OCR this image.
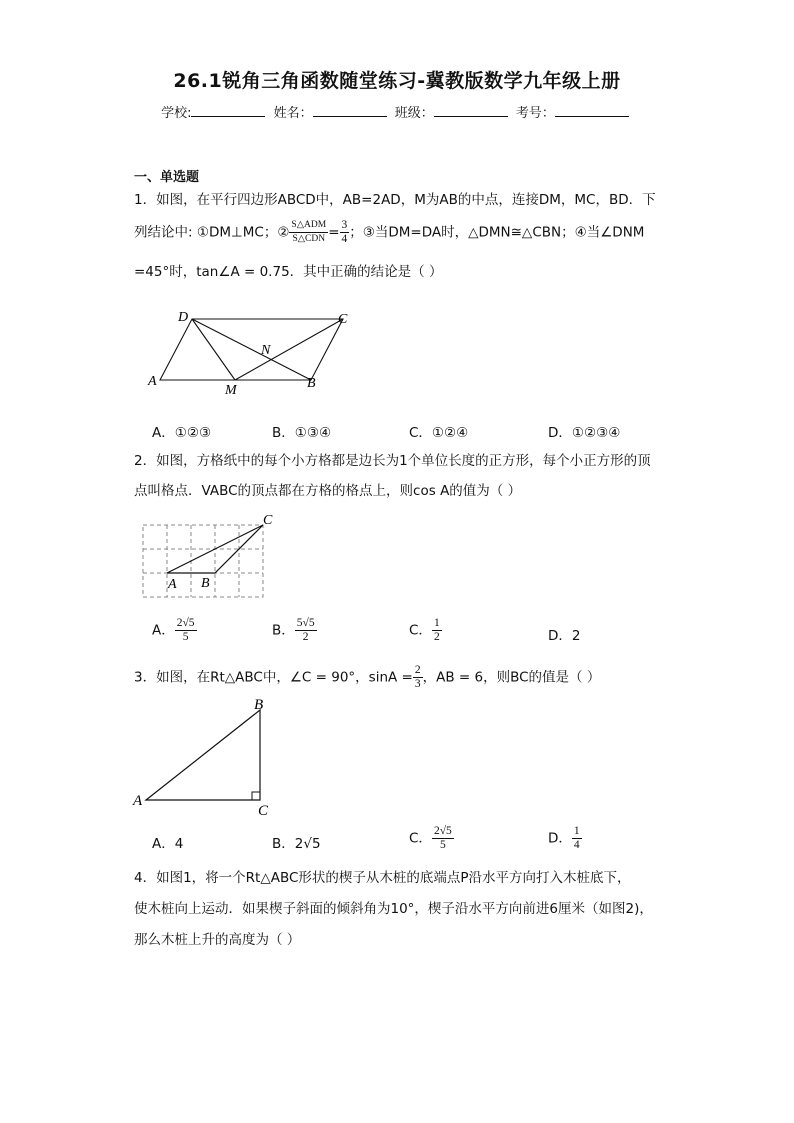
26.1锐角三角函数随堂练习-冀教版数学九年级上册
学校:	姓名：	班级：	考号：
一、单选题
1．如图，在平行四边形ABCD中，AB=2AD，M为AB的中点，连接DM，MC，BD．下
列结论中: ①DM⊥MC；② $\frac{\text{S△ADM}}{\text{S△CDN}} = \frac{3}{4}$ ；③当DM=DA时，△DMN≅△CBN；④当∠DNM
=45°时，tan∠A = 0.75．其中正确的结论是（ ）
D	C
N
A
M	B
A．①②③	B．①③④	C．①②④	D．①②③④
2．如图，方格纸中的每个小方格都是边长为1个单位长度的正方形，每个小正方形的顶
点叫格点．VABC的顶点都在方格的格点上，则cos A的值为（ ）
C
A B
A． $\frac{2√5}{5}$	B． $\frac{5√5}{2}$	C． $\frac{1}{2}$	D．2
3．如图，在Rt△ABC中，∠C = 90°，$\sin A = \frac{2}{3}$ ，AB = 6，则BC的值是（ ）
B
A
C
A．4	B．2√5	C． $\frac{2√5}{5}$	D． $\frac{1}{4}$
4．如图1，将一个Rt△ABC形状的楔子从木桩的底端点P沿水平方向打入木桩底下，
使木桩向上运动．如果楔子斜面的倾斜角为10°，楔子沿水平方向前进6厘米（如图2)，
那么木桩上升的高度为（ ）
